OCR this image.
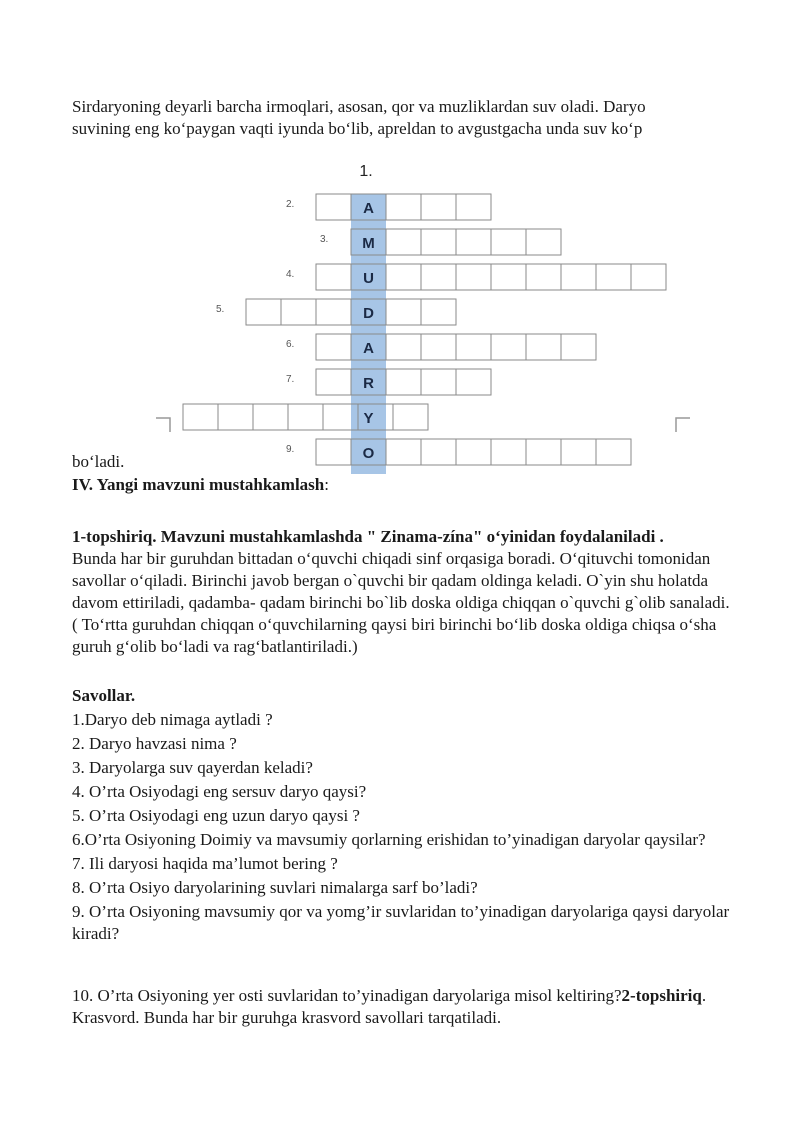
Sirdaryoning deyarli barcha irmoqlari, asosan, qor va muzliklardan suv oladi. Daryo
suvining eng ko‘paygan vaqti iyunda bo‘lib, apreldan to avgustgacha unda suv ko‘p

2.	A
3. M
4.	U
5.	D
6.	A
7.	R
Y
9.	O
1.

bo‘ladi.

IV. Yangi mavzuni mustahkamlash:

1-topshiriq. Mavzuni mustahkamlashda " Zinama-zína" o‘yinidan foydalaniladi .
Bunda har bir guruhdan bittadan o‘quvchi chiqadi sinf orqasiga boradi. O‘qituvchi tomonidan savollar o‘qiladi. Birinchi javob bergan o`quvchi bir qadam oldinga keladi. O`yin shu holatda davom ettiriladi, qadamba- qadam birinchi bo`lib doska oldiga chiqqan o`quvchi g`olib sanaladi. ( To‘rtta guruhdan chiqqan o‘quvchilarning qaysi biri birinchi bo‘lib doska oldiga chiqsa o‘sha guruh g‘olib bo‘ladi va rag‘batlantiriladi.)

Savollar.

1.Daryo deb nimaga aytladi ?
2. Daryo havzasi nima ?
3. Daryolarga suv qayerdan keladi?
4. O’rta Osiyodagi eng sersuv daryo qaysi?
5. O’rta Osiyodagi eng uzun daryo qaysi ?
6.O’rta Osiyoning Doimiy va mavsumiy qorlarning erishidan to’yinadigan daryolar qaysilar?
7. Ili daryosi haqida ma’lumot bering ?
8. O’rta Osiyo daryolarining suvlari nimalarga sarf bo’ladi?
9. O’rta Osiyoning mavsumiy qor va yomg’ir suvlaridan to’yinadigan daryolariga qaysi daryolar kiradi?

10. O’rta Osiyoning yer osti suvlaridan to’yinadigan daryolariga misol keltiring?2-topshiriq. Krasvord. Bunda har bir guruhga krasvord savollari tarqatiladi.
